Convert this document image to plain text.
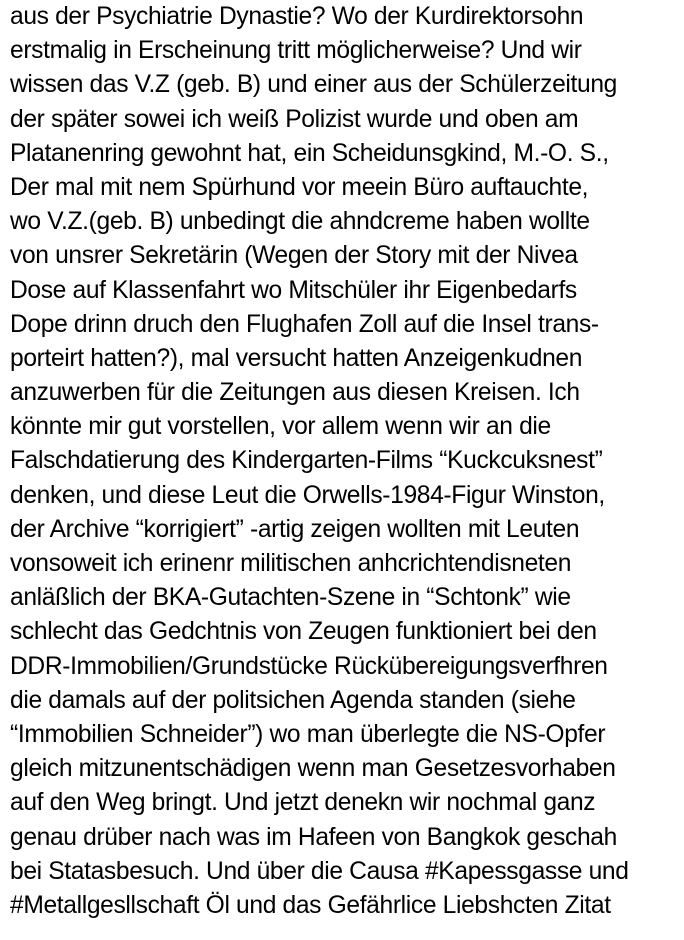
aus der Psychiatrie Dynastie? Wo der Kurdirektorsohn
erstmalig in Erscheinung tritt möglicherweise? Und wir
wissen das V.Z (geb. B) und einer aus der Schülerzeitung
der später sowei ich weiß Polizist wurde und oben am
Platanenring gewohnt hat, ein Scheidunsgkind, M.-O. S.,
Der mal mit nem Spürhund vor meein Büro auftauchte,
wo V.Z.(geb. B) unbedingt die ahndcreme haben wollte
von unsrer Sekretärin (Wegen der Story mit der Nivea
Dose auf Klassenfahrt wo Mitschüler ihr Eigenbedarfs
Dope drinn druch den Flughafen Zoll auf die Insel trans-
porteirt hatten?), mal versucht hatten Anzeigenkudnen
anzuwerben für die Zeitungen aus diesen Kreisen. Ich
könnte mir gut vorstellen, vor allem wenn wir an die
Falschdatierung des Kindergarten-Films “Kuckcuksnest”
denken, und diese Leut die Orwells-1984-Figur Winston,
der Archive “korrigiert” -artig zeigen wollten mit Leuten
vonsoweit ich erinenr militischen anhcrichtendisneten
anläßlich der BKA-Gutachten-Szene in “Schtonk” wie
schlecht das Gedchtnis von Zeugen funktioniert bei den
DDR-Immobilien/Grundstücke Rückübereigungsverfhren
die damals auf der politsichen Agenda standen (siehe
“Immobilien Schneider”) wo man überlegte die NS-Opfer
gleich mitzunentschädigen wenn man Gesetzesvorhaben
auf den Weg bringt. Und jetzt denekn wir nochmal ganz
genau drüber nach was im Hafeen von Bangkok geschah
bei Statasbesuch. Und über die Causa #Kapessgasse und
#Metallgesllschaft Öl und das Gefährlice Liebshcten Zitat
